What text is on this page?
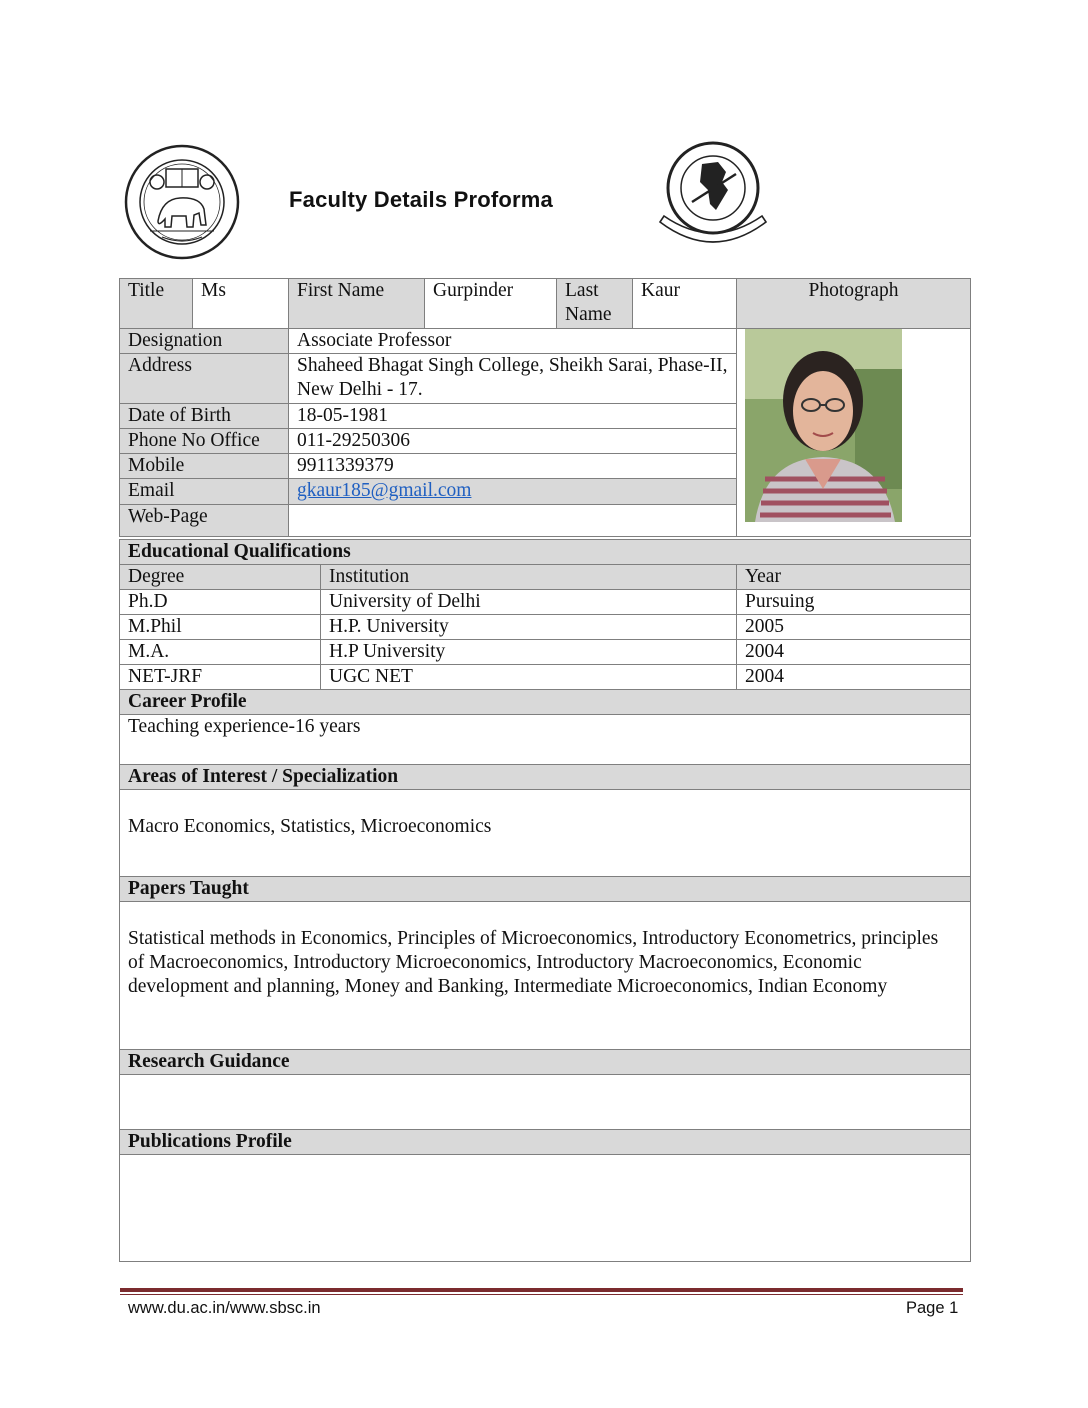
Faculty Details Proforma
Title	Ms	First Name	Gurpinder	Last Name	Kaur	Photograph
Designation		Associate Professor	

Address		Shaheed Bhagat Singh College, Sheikh Sarai, Phase-II, New Delhi - 17.				
Date of Birth		18-05-1981				
Phone No Office		011-29250306				
Mobile		9911339379				
Email		gkaur185@gmail.com				
Web-Page						
Educational Qualifications		
Degree	Institution	Year
Ph.D	University of Delhi	Pursuing
M.Phil	H.P. University	2005
M.A.	H.P University	2004
NET-JRF	UGC NET	2004
Career Profile		
Teaching experience-16 years		
Areas of Interest / Specialization		
Macro Economics, Statistics, Microeconomics		
Papers Taught		
Statistical methods in Economics, Principles of Microeconomics, Introductory Econometrics, principles of Macroeconomics, Introductory Microeconomics, Introductory Macroeconomics, Economic development and planning, Money and Banking, Intermediate Microeconomics, Indian Economy		
Research Guidance		

Publications Profile		

www.du.ac.in/www.sbsc.in	Page 1
